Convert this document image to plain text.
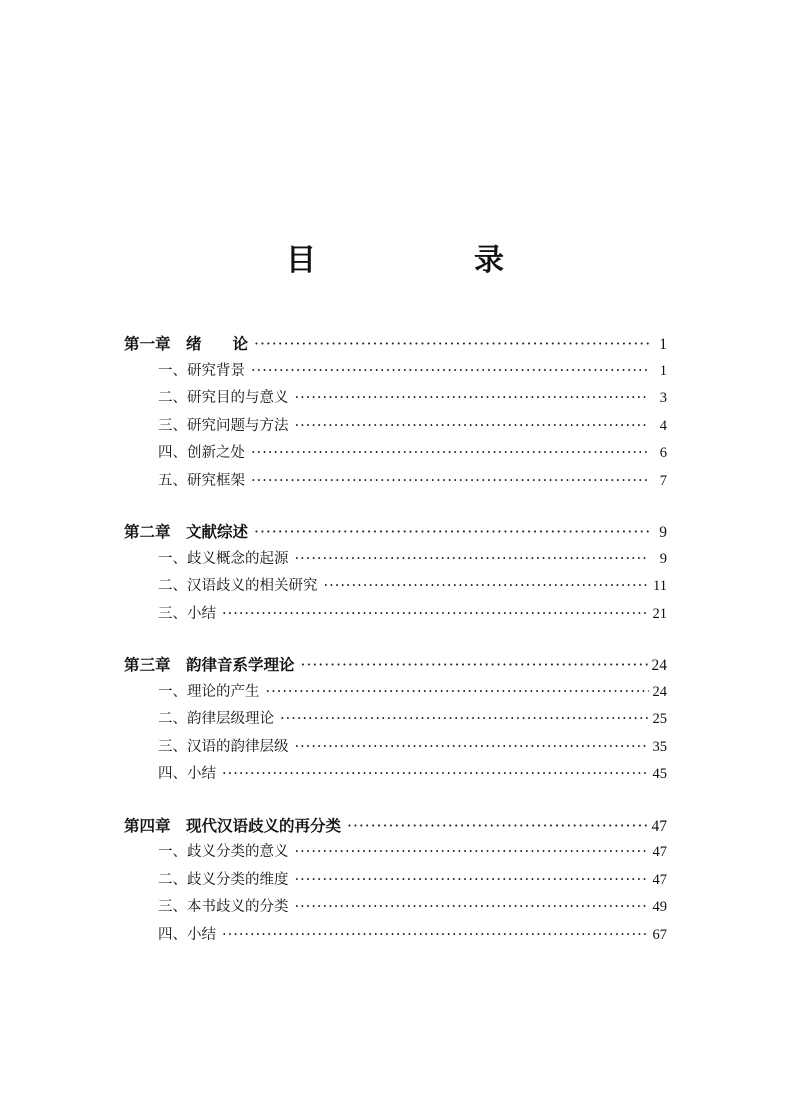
目　录
第一章　绪　　论 ·····	1
一、研究背景 ·····	1
二、研究目的与意义 ·····	3
三、研究问题与方法 ·····	4
四、创新之处 ·····	6
五、研究框架 ·····	7
第二章　文献综述 ·····	9
一、歧义概念的起源 ·····	9
二、汉语歧义的相关研究 ·····	11
三、小结 ·····	21
第三章　韵律音系学理论 ·····	24
一、理论的产生 ·····	24
二、韵律层级理论 ·····	25
三、汉语的韵律层级 ·····	35
四、小结 ·····	45
第四章　现代汉语歧义的再分类 ·····	47
一、歧义分类的意义 ·····	47
二、歧义分类的维度 ·····	47
三、本书歧义的分类 ·····	49
四、小结 ·····	67
